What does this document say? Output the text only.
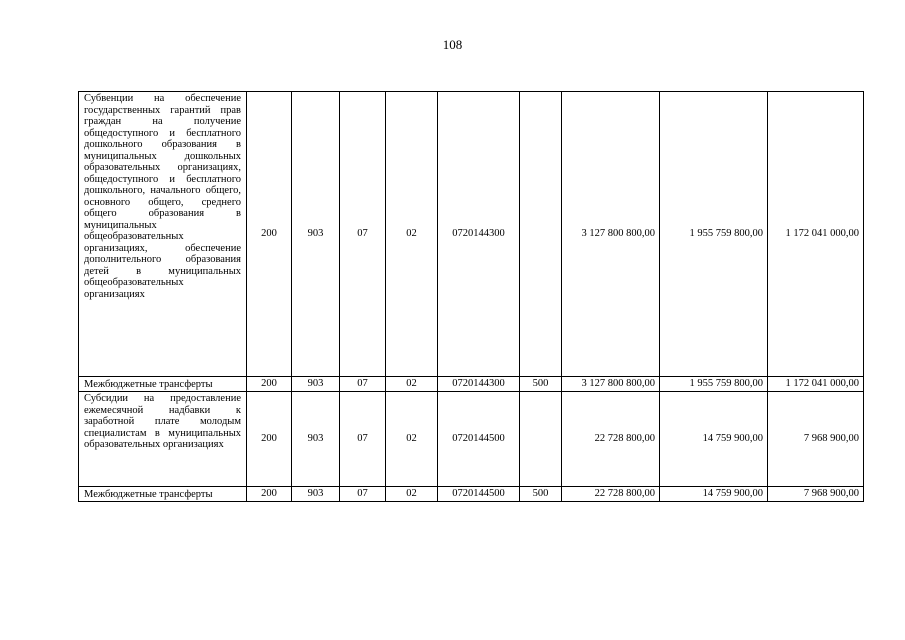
108
Субвенции на обеспечение государственных гарантий прав граждан на получение общедоступного и бесплатного дошкольного образования в муниципальных дошкольных образовательных организациях, общедоступного и бесплатного дошкольного, начального общего, основного общего, среднего общего образования в муниципальных общеобразовательных организациях, обеспечение дополнительного образования детей в муниципальных общеобразовательных организациях	200	903	07	02	0720144300		3 127 800 800,00	1 955 759 800,00	1 172 041 000,00
Межбюджетные трансферты	200	903	07	02	0720144300	500	3 127 800 800,00	1 955 759 800,00	1 172 041 000,00
Субсидии на предоставление ежемесячной надбавки к заработной плате молодым специалистам в муниципальных образовательных организациях	200	903	07	02	0720144500		22 728 800,00	14 759 900,00	7 968 900,00
Межбюджетные трансферты	200	903	07	02	0720144500	500	22 728 800,00	14 759 900,00	7 968 900,00
